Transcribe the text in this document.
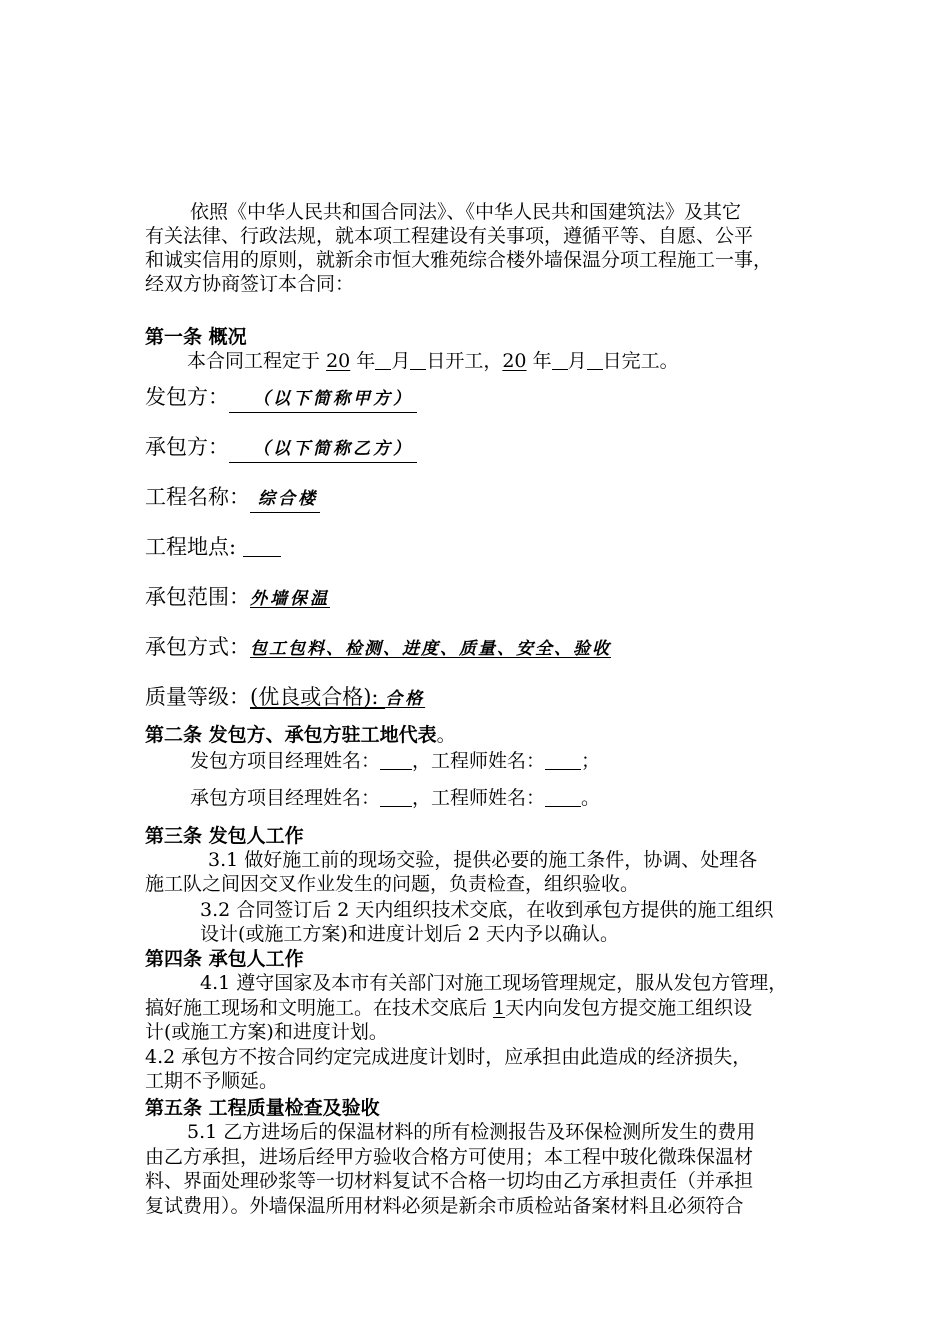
依照《中华人民共和国合同法》、《中华人民共和国建筑法》及其它
有关法律、行政法规，就本项工程建设有关事项，遵循平等、自愿、公平
和诚实信用的原则，就新余市恒大雅苑综合楼外墙保温分项工程施工一事，
经双方协商签订本合同：
第一条 概况
本合同工程定于 20 年 月 日开工，20 年 月 日完工。
发包方： （以下简称甲方）
承包方： （以下简称乙方）
工程名称： 综合楼
工程地点:
承包范围：外墙保温
承包方式：包工包料、检测、进度、质量、安全、验收
质量等级：(优良或合格): 合格
第二条 发包方、承包方驻工地代表。
发包方项目经理姓名： ，工程师姓名： ；
承包方项目经理姓名： ，工程师姓名： 。
第三条 发包人工作
3.1 做好施工前的现场交验，提供必要的施工条件，协调、处理各
施工队之间因交叉作业发生的问题，负责检查，组织验收。
3.2 合同签订后 2 天内组织技术交底，在收到承包方提供的施工组织
设计(或施工方案)和进度计划后 2 天内予以确认。
第四条 承包人工作
4.1 遵守国家及本市有关部门对施工现场管理规定，服从发包方管理，
搞好施工现场和文明施工。在技术交底后 1天内向发包方提交施工组织设
计(或施工方案)和进度计划。
4.2 承包方不按合同约定完成进度计划时，应承担由此造成的经济损失，
工期不予顺延。
第五条 工程质量检查及验收
5.1 乙方进场后的保温材料的所有检测报告及环保检测所发生的费用
由乙方承担，进场后经甲方验收合格方可使用；本工程中玻化微珠保温材
料、界面处理砂浆等一切材料复试不合格一切均由乙方承担责任（并承担
复试费用）。外墙保温所用材料必须是新余市质检站备案材料且必须符合
